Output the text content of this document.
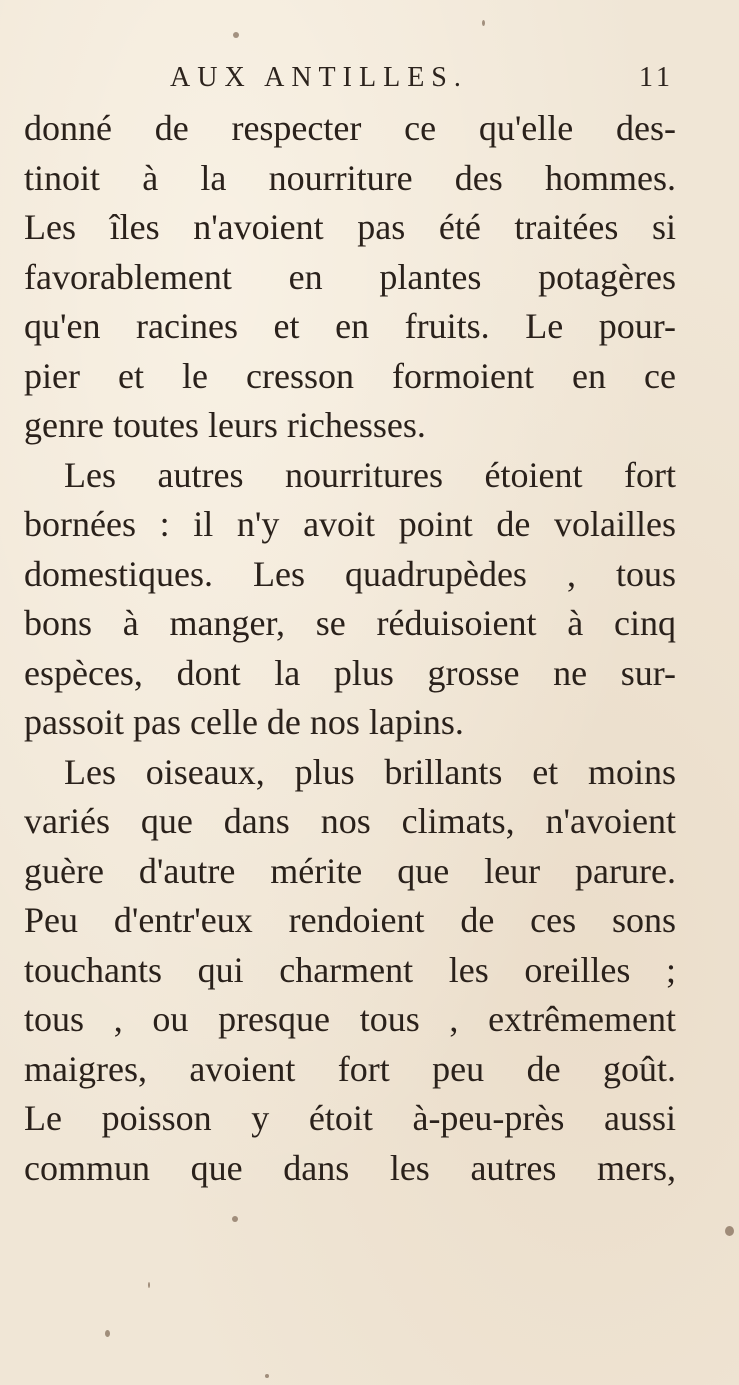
AUX ANTILLES.	11
donné de respecter ce qu'elle des-
tinoit à la nourriture des hommes.
Les îles n'avoient pas été traitées si
favorablement en plantes potagères
qu'en racines et en fruits. Le pour-
pier et le cresson formoient en ce
genre toutes leurs richesses.
Les autres nourritures étoient fort
bornées : il n'y avoit point de volailles
domestiques. Les quadrupèdes , tous
bons à manger, se réduisoient à cinq
espèces, dont la plus grosse ne sur-
passoit pas celle de nos lapins.
Les oiseaux, plus brillants et moins
variés que dans nos climats, n'avoient
guère d'autre mérite que leur parure.
Peu d'entr'eux rendoient de ces sons
touchants qui charment les oreilles ;
tous , ou presque tous , extrêmement
maigres, avoient fort peu de goût.
Le poisson y étoit à-peu-près aussi
commun que dans les autres mers,
